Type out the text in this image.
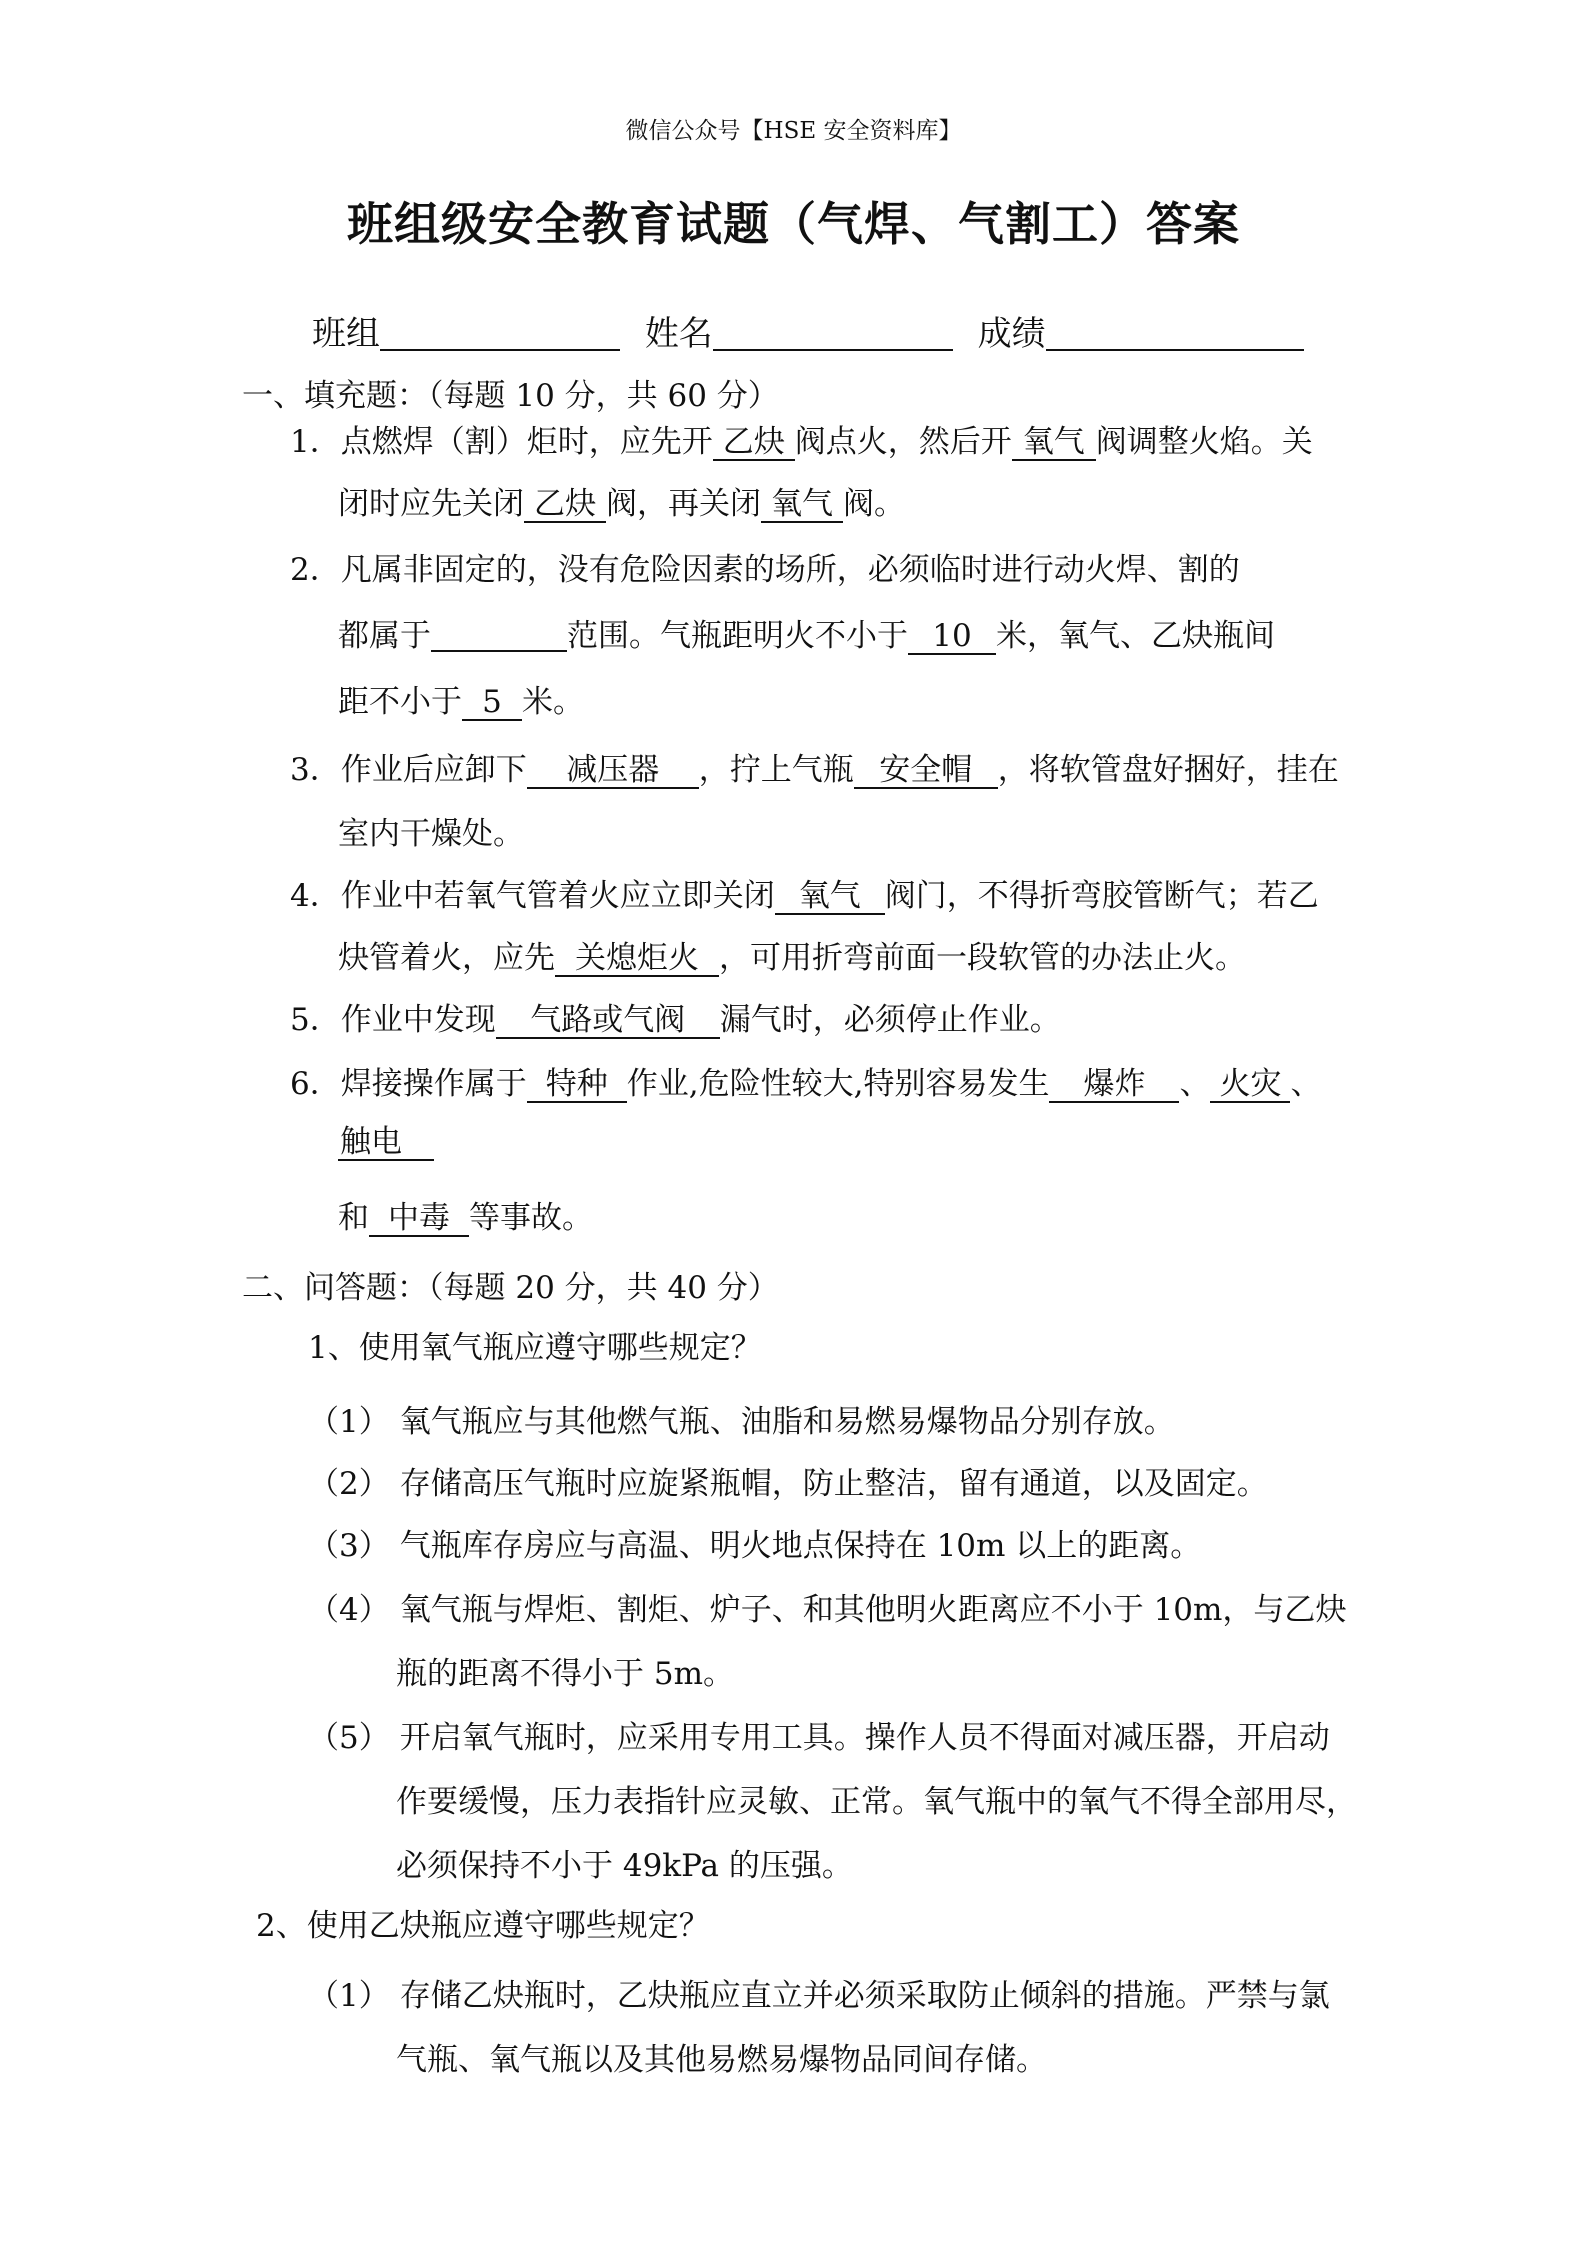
微信公众号【HSE 安全资料库】
班组级安全教育试题（气焊、气割工）答案
班组	姓名	成绩
一、填充题：（每题 10 分，共 60 分）
1．点燃焊（割）炬时，应先开 乙炔 阀点火，然后开 氧气 阀调整火焰。关
闭时应先关闭 乙炔 阀，再关闭 氧气 阀。
2．凡属非固定的，没有危险因素的场所，必须临时进行动火焊、割的
都属于	范围。气瓶距明火不小于 10 米，氧气、乙炔瓶间
距不小于 5 米。
3．作业后应卸下 减压器 ，拧上气瓶 安全帽 ，将软管盘好捆好，挂在
室内干燥处。
4．作业中若氧气管着火应立即关闭 氧气 阀门，不得折弯胶管断气；若乙
炔管着火，应先 关熄炬火 ，可用折弯前面一段软管的办法止火。
5．作业中发现 气路或气阀 漏气时，必须停止作业。
6．焊接操作属于 特种 作业,危险性较大,特别容易发生 爆炸 、 火灾 、
触电
和 中毒 等事故。
二、问答题：（每题 20 分，共 40 分）
1、使用氧气瓶应遵守哪些规定？
（1） 氧气瓶应与其他燃气瓶、油脂和易燃易爆物品分别存放。
（2） 存储高压气瓶时应旋紧瓶帽，防止整洁，留有通道，以及固定。
（3） 气瓶库存房应与高温、明火地点保持在 10m 以上的距离。
（4） 氧气瓶与焊炬、割炬、炉子、和其他明火距离应不小于 10m，与乙炔
瓶的距离不得小于 5m。
（5） 开启氧气瓶时，应采用专用工具。操作人员不得面对减压器，开启动
作要缓慢，压力表指针应灵敏、正常。氧气瓶中的氧气不得全部用尽，
必须保持不小于 49kPa 的压强。
2、使用乙炔瓶应遵守哪些规定？
（1） 存储乙炔瓶时，乙炔瓶应直立并必须采取防止倾斜的措施。严禁与氯
气瓶、氧气瓶以及其他易燃易爆物品同间存储。
